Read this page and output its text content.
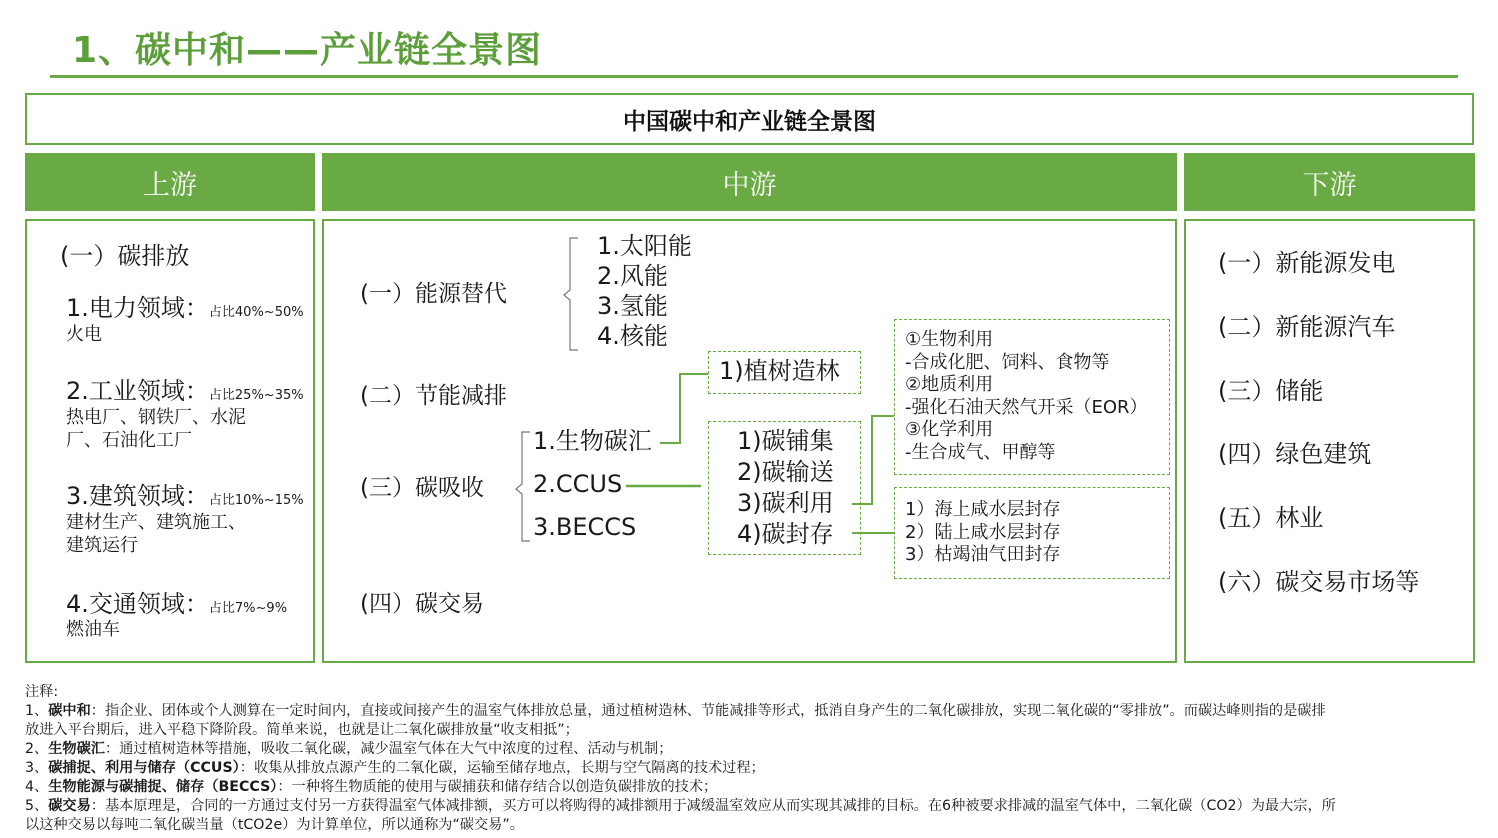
1、碳中和——产业链全景图
中国碳中和产业链全景图
上游	中游	下游
(一）碳排放
1.电力领域：占比40%~50%
火电
2.工业领域：占比25%~35%
热电厂、钢铁厂、水泥
厂、石油化工厂
3.建筑领域：占比10%~15%
建材生产、建筑施工、
建筑运行
4.交通领域：占比7%~9%
燃油车
(一）能源替代
1.太阳能
2.风能
3.氢能
4.核能
(二）节能减排
(三）碳吸收
1.生物碳汇
2.CCUS
3.BECCS
1)植树造林
1)碳铺集
2)碳输送
3)碳利用
4)碳封存
①生物利用
-合成化肥、饲料、食物等
②地质利用
-强化石油天然气开采（EOR）
③化学利用
-生合成气、甲醇等
1）海上咸水层封存
2）陆上咸水层封存
3）枯竭油气田封存
(四）碳交易
(一）新能源发电
(二）新能源汽车
(三）储能
(四）绿色建筑
(五）林业
(六）碳交易市场等

注释:

1、碳中和：指企业、团体或个人测算在一定时间内，直接或间接产生的温室气体排放总量，通过植树造林、节能减排等形式，抵消自身产生的二氧化碳排放，实现二氧化碳的“零排放”。而碳达峰则指的是碳排

放进入平台期后，进入平稳下降阶段。简单来说，也就是让二氧化碳排放量“收支相抵”；

2、生物碳汇：通过植树造林等措施，吸收二氧化碳，减少温室气体在大气中浓度的过程、活动与机制；

3、碳捕捉、利用与储存（CCUS）：收集从排放点源产生的二氧化碳，运输至储存地点，长期与空气隔离的技术过程；

4、生物能源与碳捕捉、储存（BECCS）：一种将生物质能的使用与碳捕获和储存结合以创造负碳排放的技术；

5、碳交易：基本原理是，合同的一方通过支付另一方获得温室气体减排额，买方可以将购得的减排额用于减缓温室效应从而实现其减排的目标。在6种被要求排减的温室气体中，二氧化碳（CO2）为最大宗，所

以这种交易以每吨二氧化碳当量（tCO2e）为计算单位，所以通称为“碳交易”。
